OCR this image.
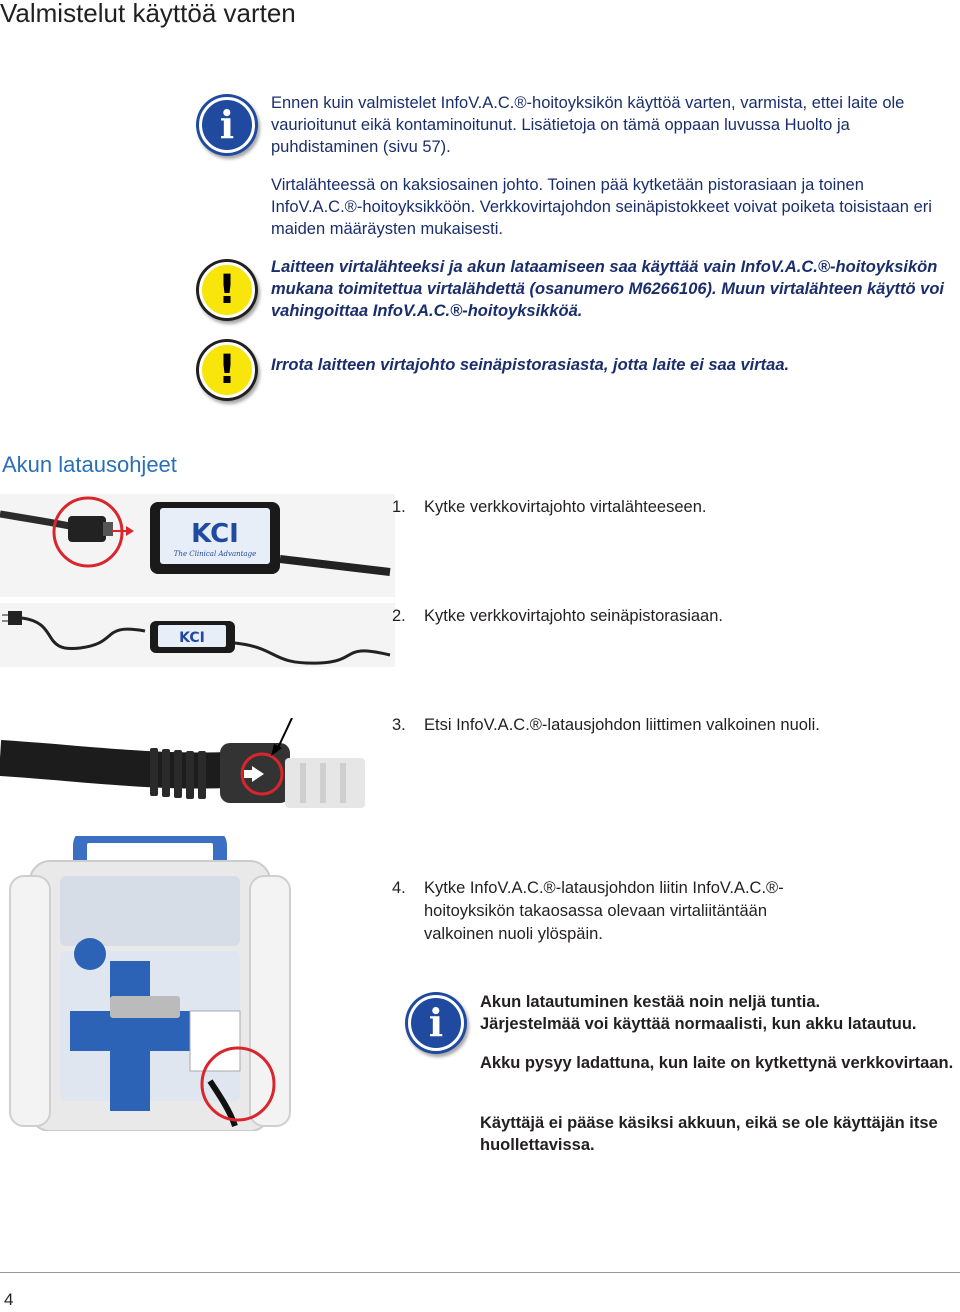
Valmistelut käyttöä varten
i	Ennen kuin valmistelet InfoV.A.C.®-hoitoyksikön käyttöä varten, varmista, ettei laite ole vaurioitunut eikä kontaminoitunut. Lisätietoja on tämä oppaan luvussa Huolto ja puhdistaminen (sivu 57).
Virtalähteessä on kaksiosainen johto. Toinen pää kytketään pistorasiaan ja toinen InfoV.A.C.®-hoitoyksikköön. Verkkovirtajohdon seinäpistokkeet voivat poiketa toisistaan eri maiden määräysten mukaisesti.
!	Laitteen virtalähteeksi ja akun lataamiseen saa käyttää vain InfoV.A.C.®-hoitoyksikön mukana toimitettua virtalähdettä (osanumero M6266106). Muun virtalähteen käyttö voi vahingoittaa InfoV.A.C.®-hoitoyksikköä.
!	Irrota laitteen virtajohto seinäpistorasiasta, jotta laite ei saa virtaa.
Akun latausohjeet
KCI
The Clinical Advantage
KCI
1. Kytke verkkovirtajohto virtalähteeseen.
2. Kytke verkkovirtajohto seinäpistorasiaan.
3. Etsi InfoV.A.C.®-latausjohdon liittimen valkoinen nuoli.
4.	Kytke InfoV.A.C.®-latausjohdon liitin InfoV.A.C.®-hoitoyksikön takaosassa olevaan virtaliitäntään valkoinen nuoli ylöspäin.
i	Akun latautuminen kestää noin neljä tuntia.
Järjestelmää voi käyttää normaalisti, kun akku latautuu.
Akku pysyy ladattuna, kun laite on kytkettynä verkkovirtaan.
Käyttäjä ei pääse käsiksi akkuun, eikä se ole käyttäjän itse huollettavissa.
4
